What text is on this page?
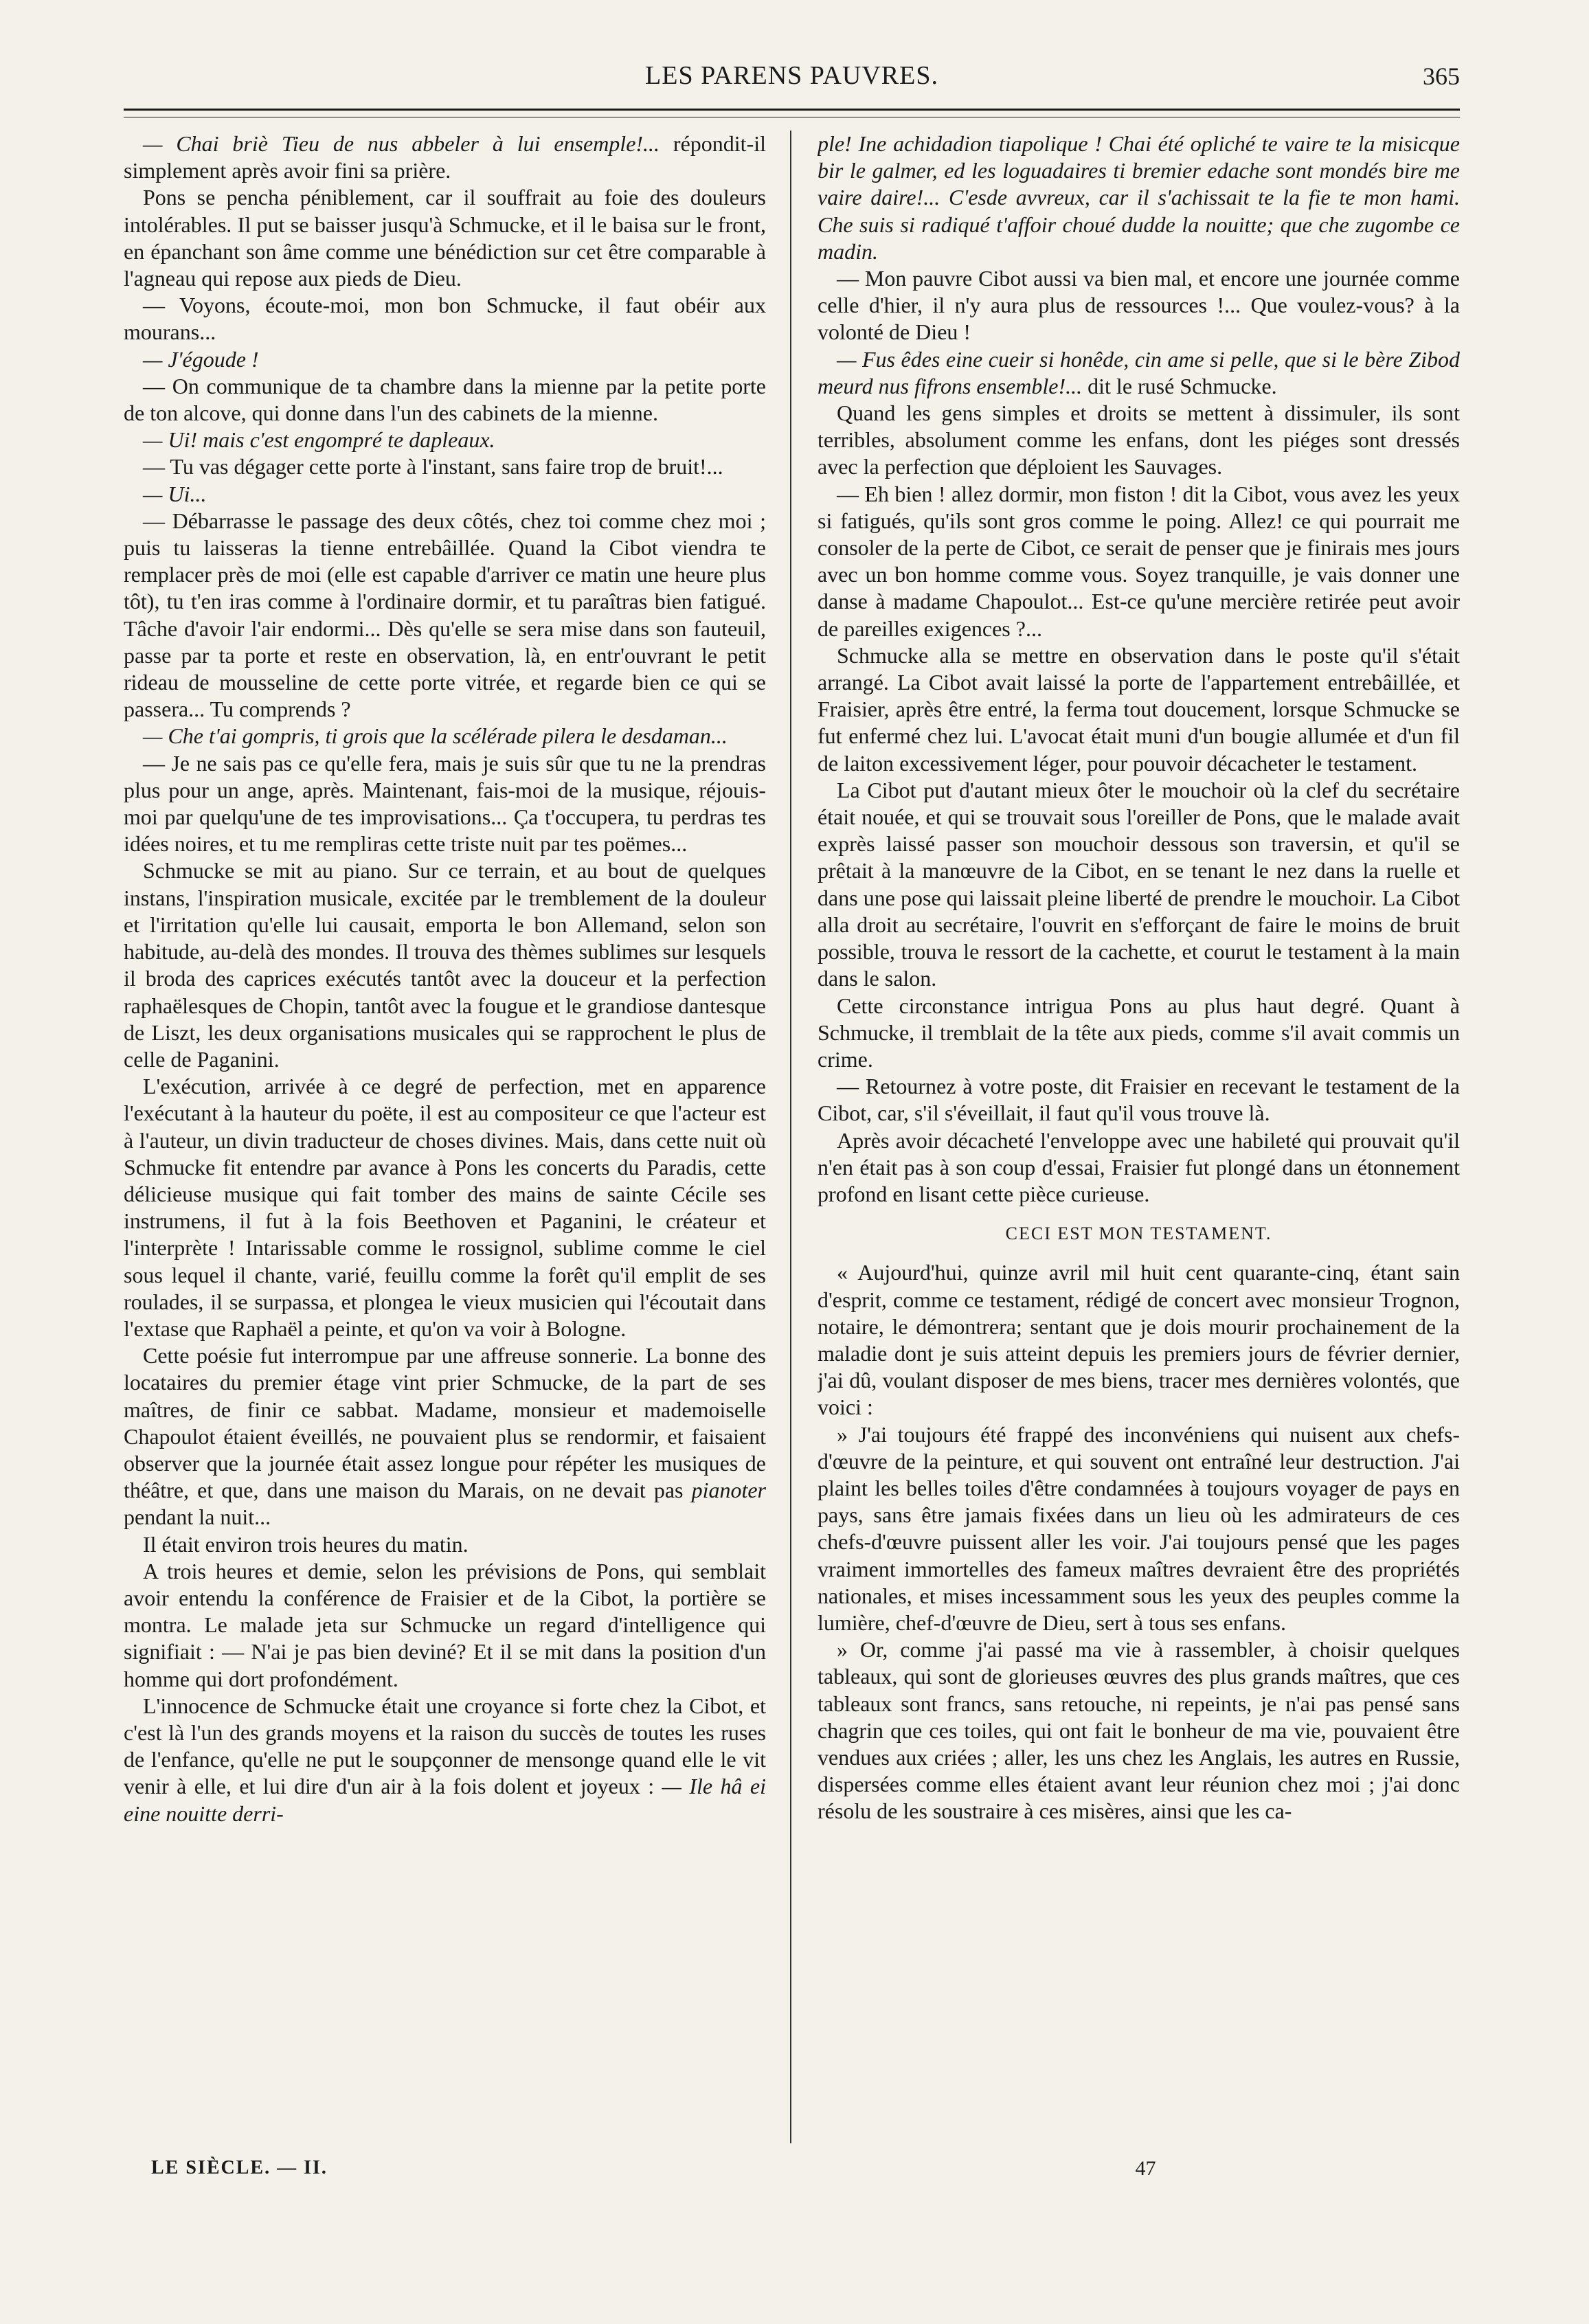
LES PARENS PAUVRES.	365

— Chai briè Tieu de nus abbeler à lui ensemple!... répondit-il simplement après avoir fini sa prière.

Pons se pencha péniblement, car il souffrait au foie des douleurs intolérables. Il put se baisser jusqu'à Schmucke, et il le baisa sur le front, en épanchant son âme comme une bénédiction sur cet être comparable à l'agneau qui repose aux pieds de Dieu.

— Voyons, écoute-moi, mon bon Schmucke, il faut obéir aux mourans...

— J'égoude !

— On communique de ta chambre dans la mienne par la petite porte de ton alcove, qui donne dans l'un des cabinets de la mienne.

— Ui! mais c'est engompré te dapleaux.

— Tu vas dégager cette porte à l'instant, sans faire trop de bruit!...

— Ui...

— Débarrasse le passage des deux côtés, chez toi comme chez moi ; puis tu laisseras la tienne entrebâillée. Quand la Cibot viendra te remplacer près de moi (elle est capable d'arriver ce matin une heure plus tôt), tu t'en iras comme à l'ordinaire dormir, et tu paraîtras bien fatigué. Tâche d'avoir l'air endormi... Dès qu'elle se sera mise dans son fauteuil, passe par ta porte et reste en observation, là, en entr'ouvrant le petit rideau de mousseline de cette porte vitrée, et regarde bien ce qui se passera... Tu comprends ?

— Che t'ai gompris, ti grois que la scélérade pilera le desdaman...

— Je ne sais pas ce qu'elle fera, mais je suis sûr que tu ne la prendras plus pour un ange, après. Maintenant, fais-moi de la musique, réjouis-moi par quelqu'une de tes improvisations... Ça t'occupera, tu perdras tes idées noires, et tu me rempliras cette triste nuit par tes poëmes...

Schmucke se mit au piano. Sur ce terrain, et au bout de quelques instans, l'inspiration musicale, excitée par le tremblement de la douleur et l'irritation qu'elle lui causait, emporta le bon Allemand, selon son habitude, au-delà des mondes. Il trouva des thèmes sublimes sur lesquels il broda des caprices exécutés tantôt avec la douceur et la perfection raphaëlesques de Chopin, tantôt avec la fougue et le grandiose dantesque de Liszt, les deux organisations musicales qui se rapprochent le plus de celle de Paganini.

L'exécution, arrivée à ce degré de perfection, met en apparence l'exécutant à la hauteur du poëte, il est au compositeur ce que l'acteur est à l'auteur, un divin traducteur de choses divines. Mais, dans cette nuit où Schmucke fit entendre par avance à Pons les concerts du Paradis, cette délicieuse musique qui fait tomber des mains de sainte Cécile ses instrumens, il fut à la fois Beethoven et Paganini, le créateur et l'interprète ! Intarissable comme le rossignol, sublime comme le ciel sous lequel il chante, varié, feuillu comme la forêt qu'il emplit de ses roulades, il se surpassa, et plongea le vieux musicien qui l'écoutait dans l'extase que Raphaël a peinte, et qu'on va voir à Bologne.

Cette poésie fut interrompue par une affreuse sonnerie. La bonne des locataires du premier étage vint prier Schmucke, de la part de ses maîtres, de finir ce sabbat. Madame, monsieur et mademoiselle Chapoulot étaient éveillés, ne pouvaient plus se rendormir, et faisaient observer que la journée était assez longue pour répéter les musiques de théâtre, et que, dans une maison du Marais, on ne devait pas pianoter pendant la nuit...

Il était environ trois heures du matin.

A trois heures et demie, selon les prévisions de Pons, qui semblait avoir entendu la conférence de Fraisier et de la Cibot, la portière se montra. Le malade jeta sur Schmucke un regard d'intelligence qui signifiait : — N'ai je pas bien deviné? Et il se mit dans la position d'un homme qui dort profondément.

L'innocence de Schmucke était une croyance si forte chez la Cibot, et c'est là l'un des grands moyens et la raison du succès de toutes les ruses de l'enfance, qu'elle ne put le soupçonner de mensonge quand elle le vit venir à elle, et lui dire d'un air à la fois dolent et joyeux : — Ile hâ ei eine nouitte derri-

ple! Ine achidadion tiapolique ! Chai été opliché te vaire te la misicque bir le galmer, ed les loguadaires ti bremier edache sont mondés bire me vaire daire!... C'esde avvreux, car il s'achissait te la fie te mon hami. Che suis si radiqué t'affoir choué dudde la nouitte; que che zugombe ce madin.

— Mon pauvre Cibot aussi va bien mal, et encore une journée comme celle d'hier, il n'y aura plus de ressources !... Que voulez-vous? à la volonté de Dieu !

— Fus êdes eine cueir si honêde, cin ame si pelle, que si le bère Zibod meurd nus fifrons ensemble!... dit le rusé Schmucke.

Quand les gens simples et droits se mettent à dissimuler, ils sont terribles, absolument comme les enfans, dont les piéges sont dressés avec la perfection que déploient les Sauvages.

— Eh bien ! allez dormir, mon fiston ! dit la Cibot, vous avez les yeux si fatigués, qu'ils sont gros comme le poing. Allez! ce qui pourrait me consoler de la perte de Cibot, ce serait de penser que je finirais mes jours avec un bon homme comme vous. Soyez tranquille, je vais donner une danse à madame Chapoulot... Est-ce qu'une mercière retirée peut avoir de pareilles exigences ?...

Schmucke alla se mettre en observation dans le poste qu'il s'était arrangé. La Cibot avait laissé la porte de l'appartement entrebâillée, et Fraisier, après être entré, la ferma tout doucement, lorsque Schmucke se fut enfermé chez lui. L'avocat était muni d'un bougie allumée et d'un fil de laiton excessivement léger, pour pouvoir décacheter le testament.

La Cibot put d'autant mieux ôter le mouchoir où la clef du secrétaire était nouée, et qui se trouvait sous l'oreiller de Pons, que le malade avait exprès laissé passer son mouchoir dessous son traversin, et qu'il se prêtait à la manœuvre de la Cibot, en se tenant le nez dans la ruelle et dans une pose qui laissait pleine liberté de prendre le mouchoir. La Cibot alla droit au secrétaire, l'ouvrit en s'efforçant de faire le moins de bruit possible, trouva le ressort de la cachette, et courut le testament à la main dans le salon.

Cette circonstance intrigua Pons au plus haut degré. Quant à Schmucke, il tremblait de la tête aux pieds, comme s'il avait commis un crime.

— Retournez à votre poste, dit Fraisier en recevant le testament de la Cibot, car, s'il s'éveillait, il faut qu'il vous trouve là.

Après avoir décacheté l'enveloppe avec une habileté qui prouvait qu'il n'en était pas à son coup d'essai, Fraisier fut plongé dans un étonnement profond en lisant cette pièce curieuse.

CECI EST MON TESTAMENT.

« Aujourd'hui, quinze avril mil huit cent quarante-cinq, étant sain d'esprit, comme ce testament, rédigé de concert avec monsieur Trognon, notaire, le démontrera; sentant que je dois mourir prochainement de la maladie dont je suis atteint depuis les premiers jours de février dernier, j'ai dû, voulant disposer de mes biens, tracer mes dernières volontés, que voici :

» J'ai toujours été frappé des inconvéniens qui nuisent aux chefs-d'œuvre de la peinture, et qui souvent ont entraîné leur destruction. J'ai plaint les belles toiles d'être condamnées à toujours voyager de pays en pays, sans être jamais fixées dans un lieu où les admirateurs de ces chefs-d'œuvre puissent aller les voir. J'ai toujours pensé que les pages vraiment immortelles des fameux maîtres devraient être des propriétés nationales, et mises incessamment sous les yeux des peuples comme la lumière, chef-d'œuvre de Dieu, sert à tous ses enfans.

» Or, comme j'ai passé ma vie à rassembler, à choisir quelques tableaux, qui sont de glorieuses œuvres des plus grands maîtres, que ces tableaux sont francs, sans retouche, ni repeints, je n'ai pas pensé sans chagrin que ces toiles, qui ont fait le bonheur de ma vie, pouvaient être vendues aux criées ; aller, les uns chez les Anglais, les autres en Russie, dispersées comme elles étaient avant leur réunion chez moi ; j'ai donc résolu de les soustraire à ces misères, ainsi que les ca-

LE SIÈCLE. — II.	47
